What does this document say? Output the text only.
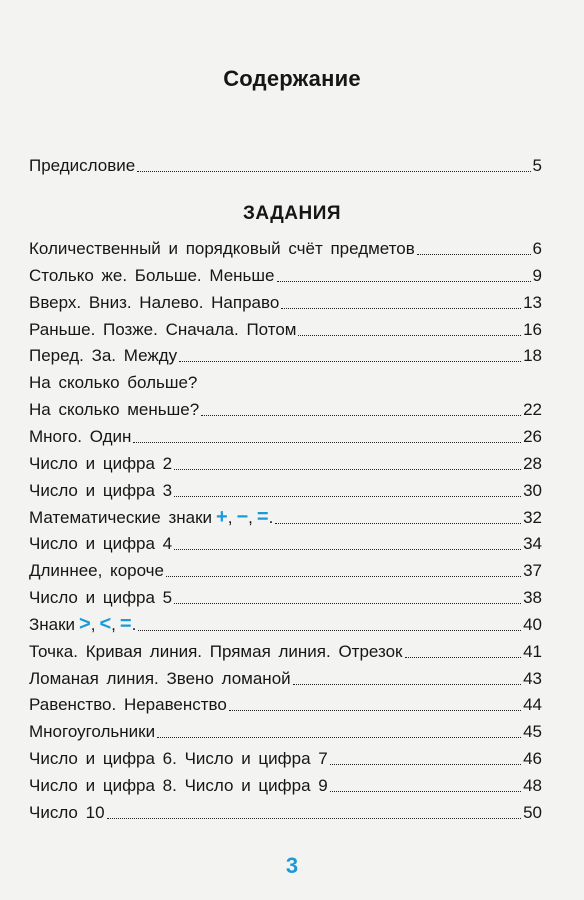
Содержание
Предисловие	5
ЗАДАНИЯ
Количественный и порядковый счёт предметов	6
Столько же. Больше. Меньше	9
Вверх. Вниз. Налево. Направо	13
Раньше. Позже. Сначала. Потом	16
Перед. За. Между	18
На сколько больше?
На сколько меньше?	22
Много. Один	26
Число и цифра 2	28
Число и цифра 3	30
Математические знаки +, −, =.	32
Число и цифра 4	34
Длиннее, короче	37
Число и цифра 5	38
Знаки >, <, =.	40
Точка. Кривая линия. Прямая линия. Отрезок	41
Ломаная линия. Звено ломаной	43
Равенство. Неравенство	44
Многоугольники	45
Число и цифра 6. Число и цифра 7	46
Число и цифра 8. Число и цифра 9	48
Число 10	50
3
